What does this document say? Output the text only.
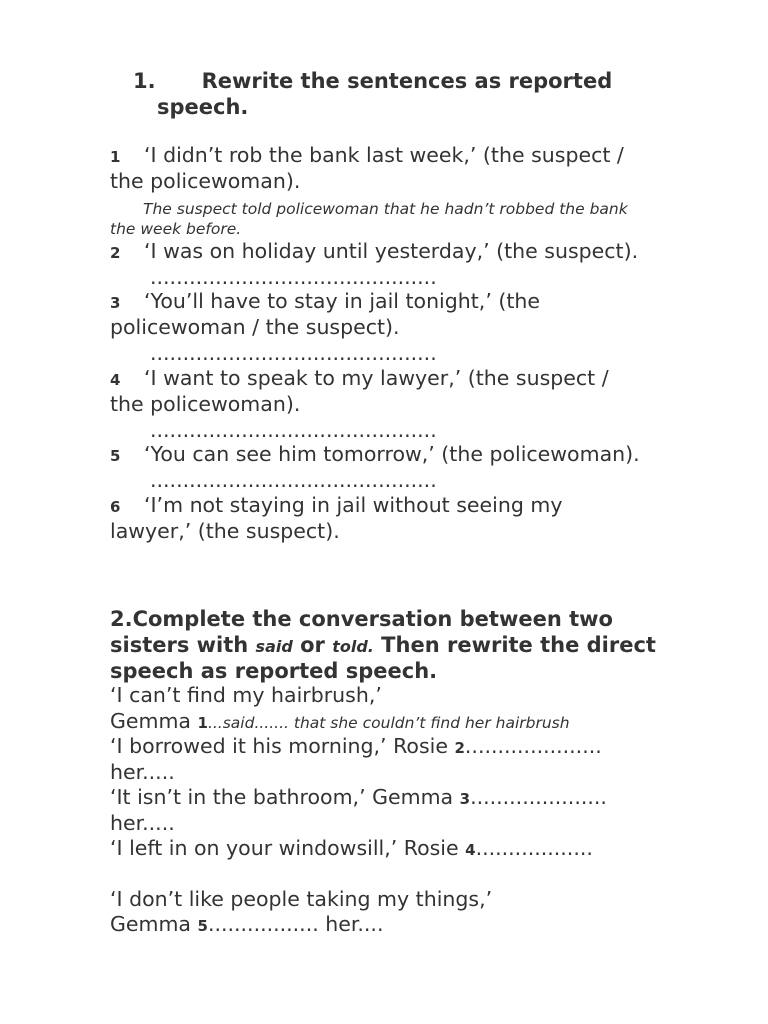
1. Rewrite the sentences as reported
speech.
1 ‘I didn’t rob the bank last week,’ (the suspect /
the policewoman).
The suspect told policewoman that he hadn’t robbed the bank
the week before.
2 ‘I was on holiday until yesterday,’ (the suspect).
............................................
3 ‘You’ll have to stay in jail tonight,’ (the
policewoman / the suspect).
............................................
4 ‘I want to speak to my lawyer,’ (the suspect /
the policewoman).
............................................
5 ‘You can see him tomorrow,’ (the policewoman).
............................................
6 ‘I’m not staying in jail without seeing my
lawyer,’ (the suspect).
2.Complete the conversation between two
sisters with said or told. Then rewrite the direct
speech as reported speech.
‘I can’t find my hairbrush,’
Gemma 1...said....... that she couldn’t find her hairbrush
‘I borrowed it his morning,’ Rosie 2.....................
her.....
‘It isn’t in the bathroom,’ Gemma 3.....................
her.....
‘I left in on your windowsill,’ Rosie 4..................
‘I don’t like people taking my things,’
Gemma 5................. her....
